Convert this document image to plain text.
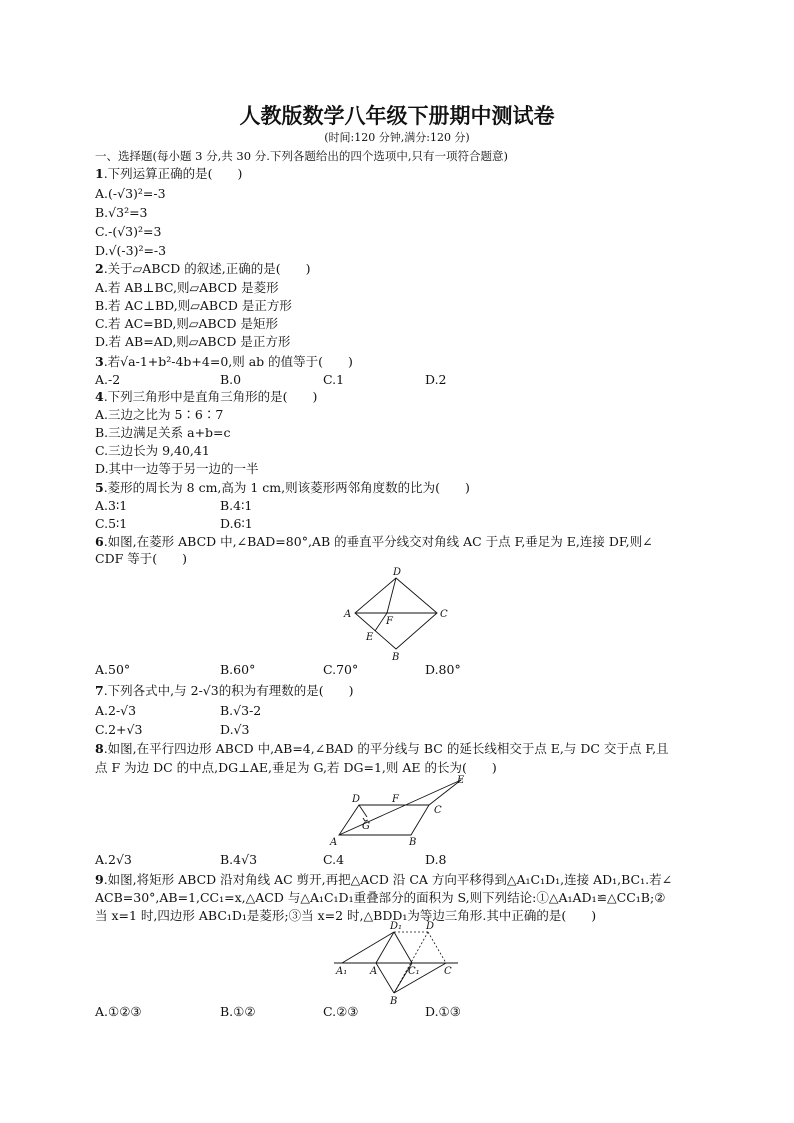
人教版数学八年级下册期中测试卷
(时间:120 分钟,满分:120 分)
一、选择题(每小题 3 分,共 30 分.下列各题给出的四个选项中,只有一项符合题意)
1.下列运算正确的是(　　)
A.(-√3)²=-3
B.√3²=3
C.-(√3)²=3
D.√(-3)²=-3
2.关于▱ABCD 的叙述,正确的是(　　)
A.若 AB⊥BC,则▱ABCD 是菱形
B.若 AC⊥BD,则▱ABCD 是正方形
C.若 AC=BD,则▱ABCD 是矩形
D.若 AB=AD,则▱ABCD 是正方形
3.若√a-1+b²-4b+4=0,则 ab 的值等于(　　)
A.-2	B.0	C.1	D.2
4.下列三角形中是直角三角形的是(　　)
A.三边之比为 5∶6∶7
B.三边满足关系 a+b=c
C.三边长为 9,40,41
D.其中一边等于另一边的一半
5.菱形的周长为 8 cm,高为 1 cm,则该菱形两邻角度数的比为(　　)
A.3∶1	B.4∶1
C.5∶1	D.6∶1
6.如图,在菱形 ABCD 中,∠BAD=80°,AB 的垂直平分线交对角线 AC 于点 F,垂足为 E,连接 DF,则∠
CDF 等于(　　)
D
A
F
C
E
B
A.50°	B.60°	C.70°	D.80°
7.下列各式中,与 2-√3的积为有理数的是(　　)
A.2-√3	B.√3-2
C.2+√3	D.√3
8.如图,在平行四边形 ABCD 中,AB=4,∠BAD 的平分线与 BC 的延长线相交于点 E,与 DC 交于点 F,且
点 F 为边 DC 的中点,DG⊥AE,垂足为 G,若 DG=1,则 AE 的长为(　　)
E
D	F
G
C
A	B
A.2√3	B.4√3	C.4	D.8
9.如图,将矩形 ABCD 沿对角线 AC 剪开,再把△ACD 沿 CA 方向平移得到△A₁C₁D₁,连接 AD₁,BC₁.若∠
ACB=30°,AB=1,CC₁=x,△ACD 与△A₁C₁D₁重叠部分的面积为 S,则下列结论:①△A₁AD₁≌△CC₁B;②
当 x=1 时,四边形 ABC₁D₁是菱形;③当 x=2 时,△BDD₁为等边三角形.其中正确的是(　　)
D₁ D
A₁ A	C₁ C
B
A.①②③	B.①②	C.②③	D.①③
